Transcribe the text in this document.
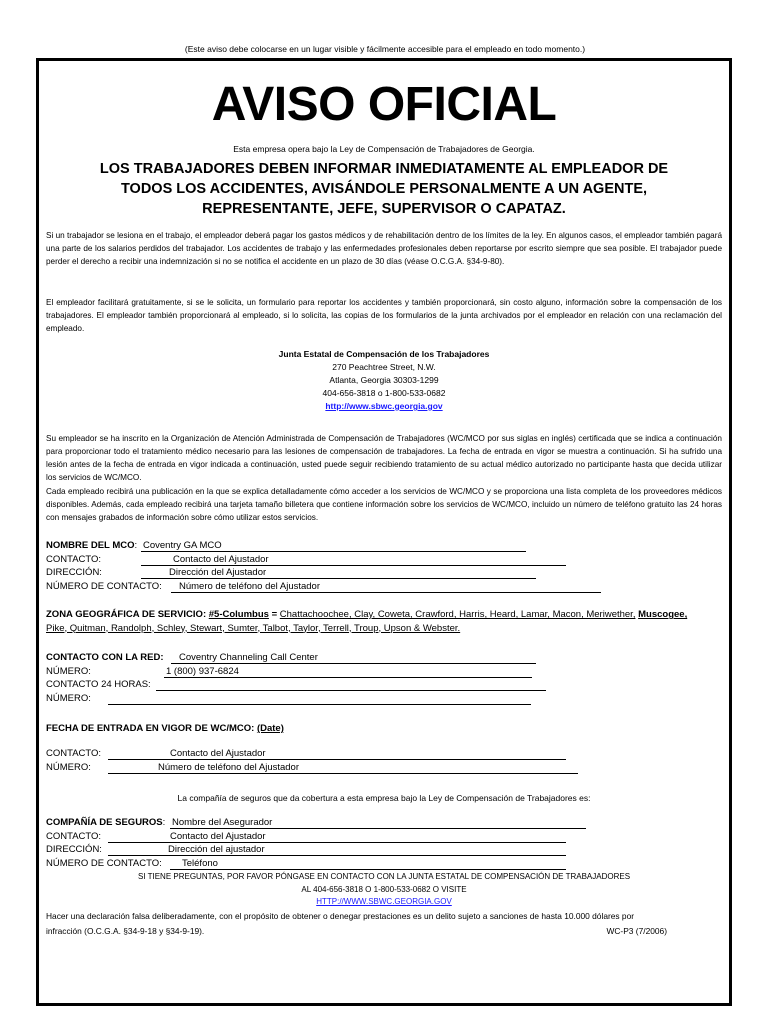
(Este aviso debe colocarse en un lugar visible y fácilmente accesible para el empleado en todo momento.)
AVISO OFICIAL
Esta empresa opera bajo la Ley de Compensación de Trabajadores de Georgia.
LOS TRABAJADORES DEBEN INFORMAR INMEDIATAMENTE AL EMPLEADOR DE TODOS LOS ACCIDENTES, AVISÁNDOLE PERSONALMENTE A UN AGENTE, REPRESENTANTE, JEFE, SUPERVISOR O CAPATAZ.
Si un trabajador se lesiona en el trabajo, el empleador deberá pagar los gastos médicos y de rehabilitación dentro de los límites de la ley. En algunos casos, el empleador también pagará una parte de los salarios perdidos del trabajador. Los accidentes de trabajo y las enfermedades profesionales deben reportarse por escrito siempre que sea posible. El trabajador puede perder el derecho a recibir una indemnización si no se notifica el accidente en un plazo de 30 días (véase O.C.G.A. §34-9-80).
El empleador facilitará gratuitamente, si se le solicita, un formulario para reportar los accidentes y también proporcionará, sin costo alguno, información sobre la compensación de los trabajadores. El empleador también proporcionará al empleado, si lo solicita, las copias de los formularios de la junta archivados por el empleador en relación con una reclamación del empleado.
Junta Estatal de Compensación de los Trabajadores
270 Peachtree Street, N.W.
Atlanta, Georgia 30303-1299
404-656-3818 o 1-800-533-0682
http://www.sbwc.georgia.gov
Su empleador se ha inscrito en la Organización de Atención Administrada de Compensación de Trabajadores (WC/MCO por sus siglas en inglés) certificada que se indica a continuación para proporcionar todo el tratamiento médico necesario para las lesiones de compensación de trabajadores. La fecha de entrada en vigor se muestra a continuación. Si ha sufrido una lesión antes de la fecha de entrada en vigor indicada a continuación, usted puede seguir recibiendo tratamiento de su actual médico autorizado no participante hasta que decida utilizar los servicios de WC/MCO.
Cada empleado recibirá una publicación en la que se explica detalladamente cómo acceder a los servicios de WC/MCO y se proporciona una lista completa de los proveedores médicos disponibles. Además, cada empleado recibirá una tarjeta tamaño billetera que contiene información sobre los servicios de WC/MCO, incluido un número de teléfono gratuito las 24 horas con mensajes grabados de información sobre cómo utilizar estos servicios.
NOMBRE DEL MCO: Coventry GA MCO
CONTACTO:	Contacto del Ajustador
DIRECCIÓN:	Dirección del Ajustador
NÚMERO DE CONTACTO:	Número de teléfono del Ajustador
ZONA GEOGRÁFICA DE SERVICIO: #5-Columbus = Chattachoochee, Clay, Coweta, Crawford, Harris, Heard, Lamar, Macon, Meriwether, Muscogee,
Pike, Quitman, Randolph, Schley, Stewart, Sumter, Talbot, Taylor, Terrell, Troup, Upson & Webster.
CONTACTO CON LA RED:	Coventry Channeling Call Center
NÚMERO:	1 (800) 937-6824
CONTACTO 24 HORAS:
NÚMERO:
FECHA DE ENTRADA EN VIGOR DE WC/MCO: (Date)
CONTACTO:	Contacto del Ajustador
NÚMERO:	Número de teléfono del Ajustador
La compañía de seguros que da cobertura a esta empresa bajo la Ley de Compensación de Trabajadores es:
COMPAÑÍA DE SEGUROS: Nombre del Asegurador
CONTACTO:	Contacto del Ajustador
DIRECCIÓN:	Dirección del ajustador
NÚMERO DE CONTACTO:	Teléfono
SI TIENE PREGUNTAS, POR FAVOR PÓNGASE EN CONTACTO CON LA JUNTA ESTATAL DE COMPENSACIÓN DE TRABAJADORES
AL 404-656-3818 O 1-800-533-0682 O VISITE
HTTP://WWW.SBWC.GEORGIA.GOV
Hacer una declaración falsa deliberadamente, con el propósito de obtener o denegar prestaciones es un delito sujeto a sanciones de hasta 10.000 dólares por
infracción (O.C.G.A. §34-9-18 y §34-9-19).	WC-P3 (7/2006)
